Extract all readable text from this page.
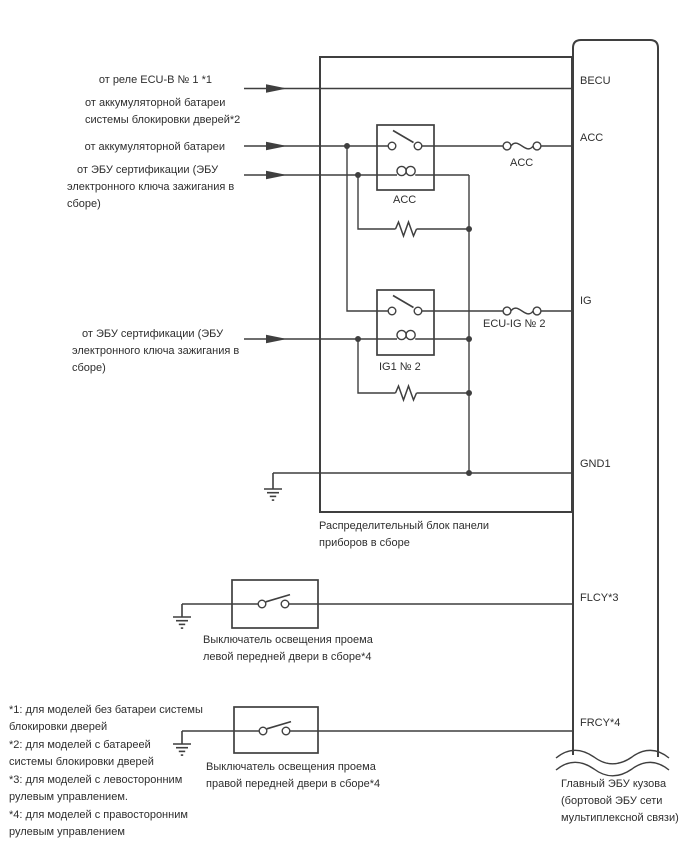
от реле ECU-B № 1 *1
от аккумуляторной батареи
системы блокировки дверей*2
от аккумуляторной батареи
от ЭБУ сертификации (ЭБУ
электронного ключа зажигания в
сборе)
от ЭБУ сертификации (ЭБУ
электронного ключа зажигания в
сборе)
ACC
IG1 № 2
ACC
ECU-IG № 2
Распределительный блок панели
приборов в сборе
BECU
ACC
IG
GND1
FLCY*3
FRCY*4
Выключатель освещения проема
левой передней двери в сборе*4
Выключатель освещения проема
правой передней двери в сборе*4	Главный ЭБУ кузова
(бортовой ЭБУ сети
мультиплексной связи)
*1: для моделей без батареи системы
блокировки дверей
*2: для моделей с батареей
системы блокировки дверей
*3: для моделей с левосторонним
рулевым управлением.
*4: для моделей с правосторонним
рулевым управлением
